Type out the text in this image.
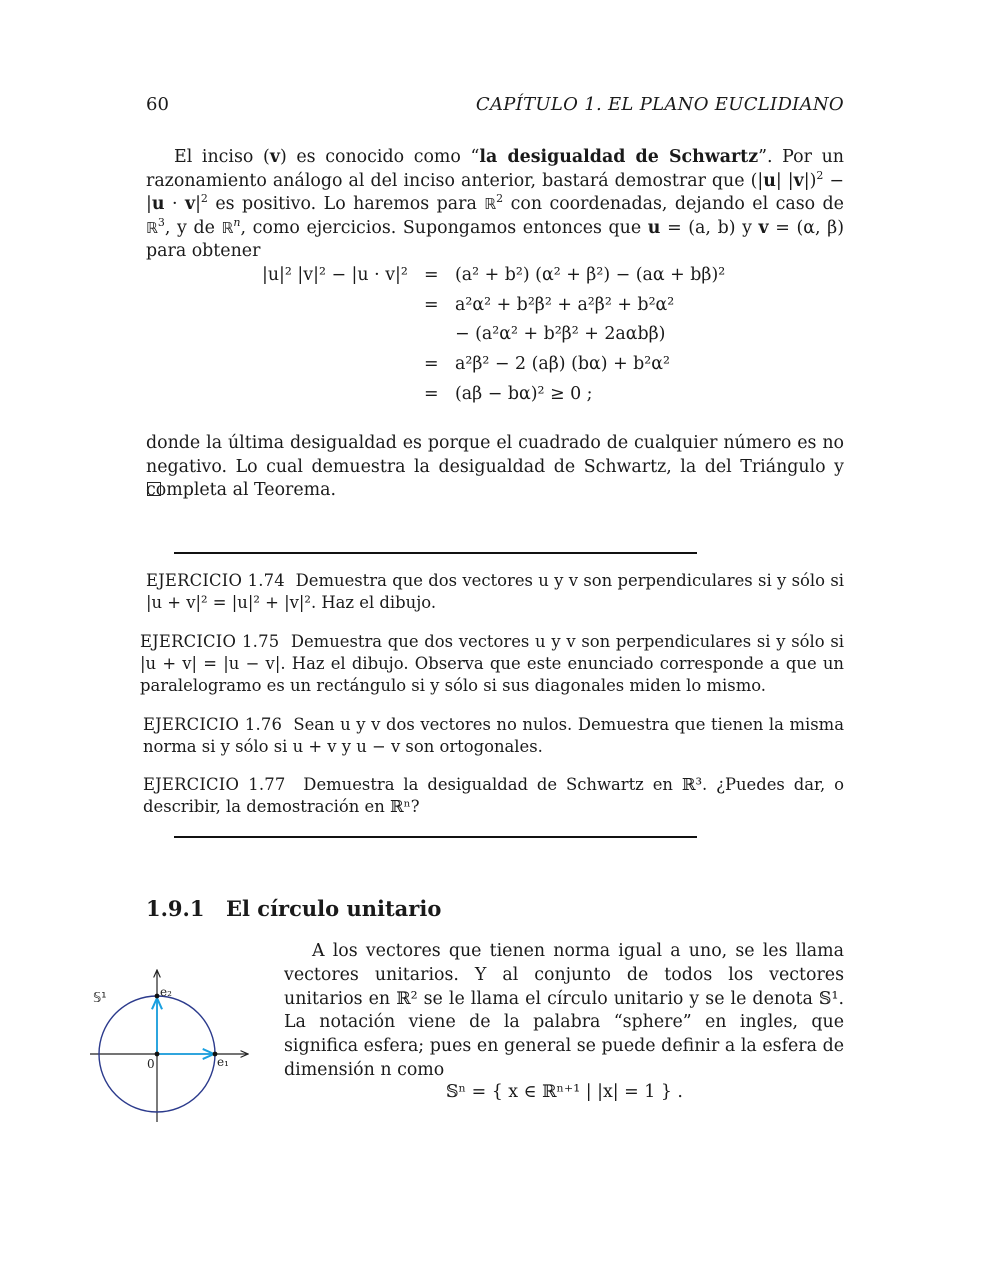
60	CAPÍTULO 1. EL PLANO EUCLIDIANO
El inciso (v) es conocido como “la desigualdad de Schwartz”. Por un razonamiento análogo al del inciso anterior, bastará demostrar que (|u| $|v|)^2 - |u \cdot v|^2$ es positivo. Lo haremos para ℝ$^2$ con coordenadas, dejando el caso de ℝ$^3$, y de ℝ$^n$, como ejercicios. Supongamos entonces que u = (a, b) y v = (α, β) para obtener
|u|² |v|² − |u · v|² = (a² + b²) (α² + β²) − (aα + bβ)²
= a²α² + b²β² + a²β² + b²α²
− (a²α² + b²β² + 2aαbβ)
= a²β² − 2 (aβ) (bα) + b²α²
= (aβ − bα)² ≥ 0 ;
donde la última desigualdad es porque el cuadrado de cualquier número es no negativo. Lo cual demuestra la desigualdad de Schwartz, la del Triángulo y completa al Teorema.
EJERCICIO 1.74 Demuestra que dos vectores u y v son perpendiculares si y sólo si |u + v|² = |u|² + |v|². Haz el dibujo.
EJERCICIO 1.75 Demuestra que dos vectores u y v son perpendiculares si y sólo si |u + v| = |u − v|. Haz el dibujo. Observa que este enunciado corresponde a que un paralelogramo es un rectángulo si y sólo si sus diagonales miden lo mismo.
EJERCICIO 1.76 Sean u y v dos vectores no nulos. Demuestra que tienen la misma norma si y sólo si u + v y u − v son ortogonales.
EJERCICIO 1.77 Demuestra la desigualdad de Schwartz en ℝ³. ¿Puedes dar, o describir, la demostración en ℝⁿ?
1.9.1 El círculo unitario
𝕊¹	e₂
e₁
0
A los vectores que tienen norma igual a uno, se les llama vectores unitarios. Y al conjunto de todos los vectores unitarios en ℝ² se le llama el círculo unitario y se le denota 𝕊¹. La notación viene de la palabra “sphere” en ingles, que significa esfera; pues en general se puede definir a la esfera de dimensión n como
𝕊ⁿ = { x ∈ ℝⁿ⁺¹ | |x| = 1 } .
